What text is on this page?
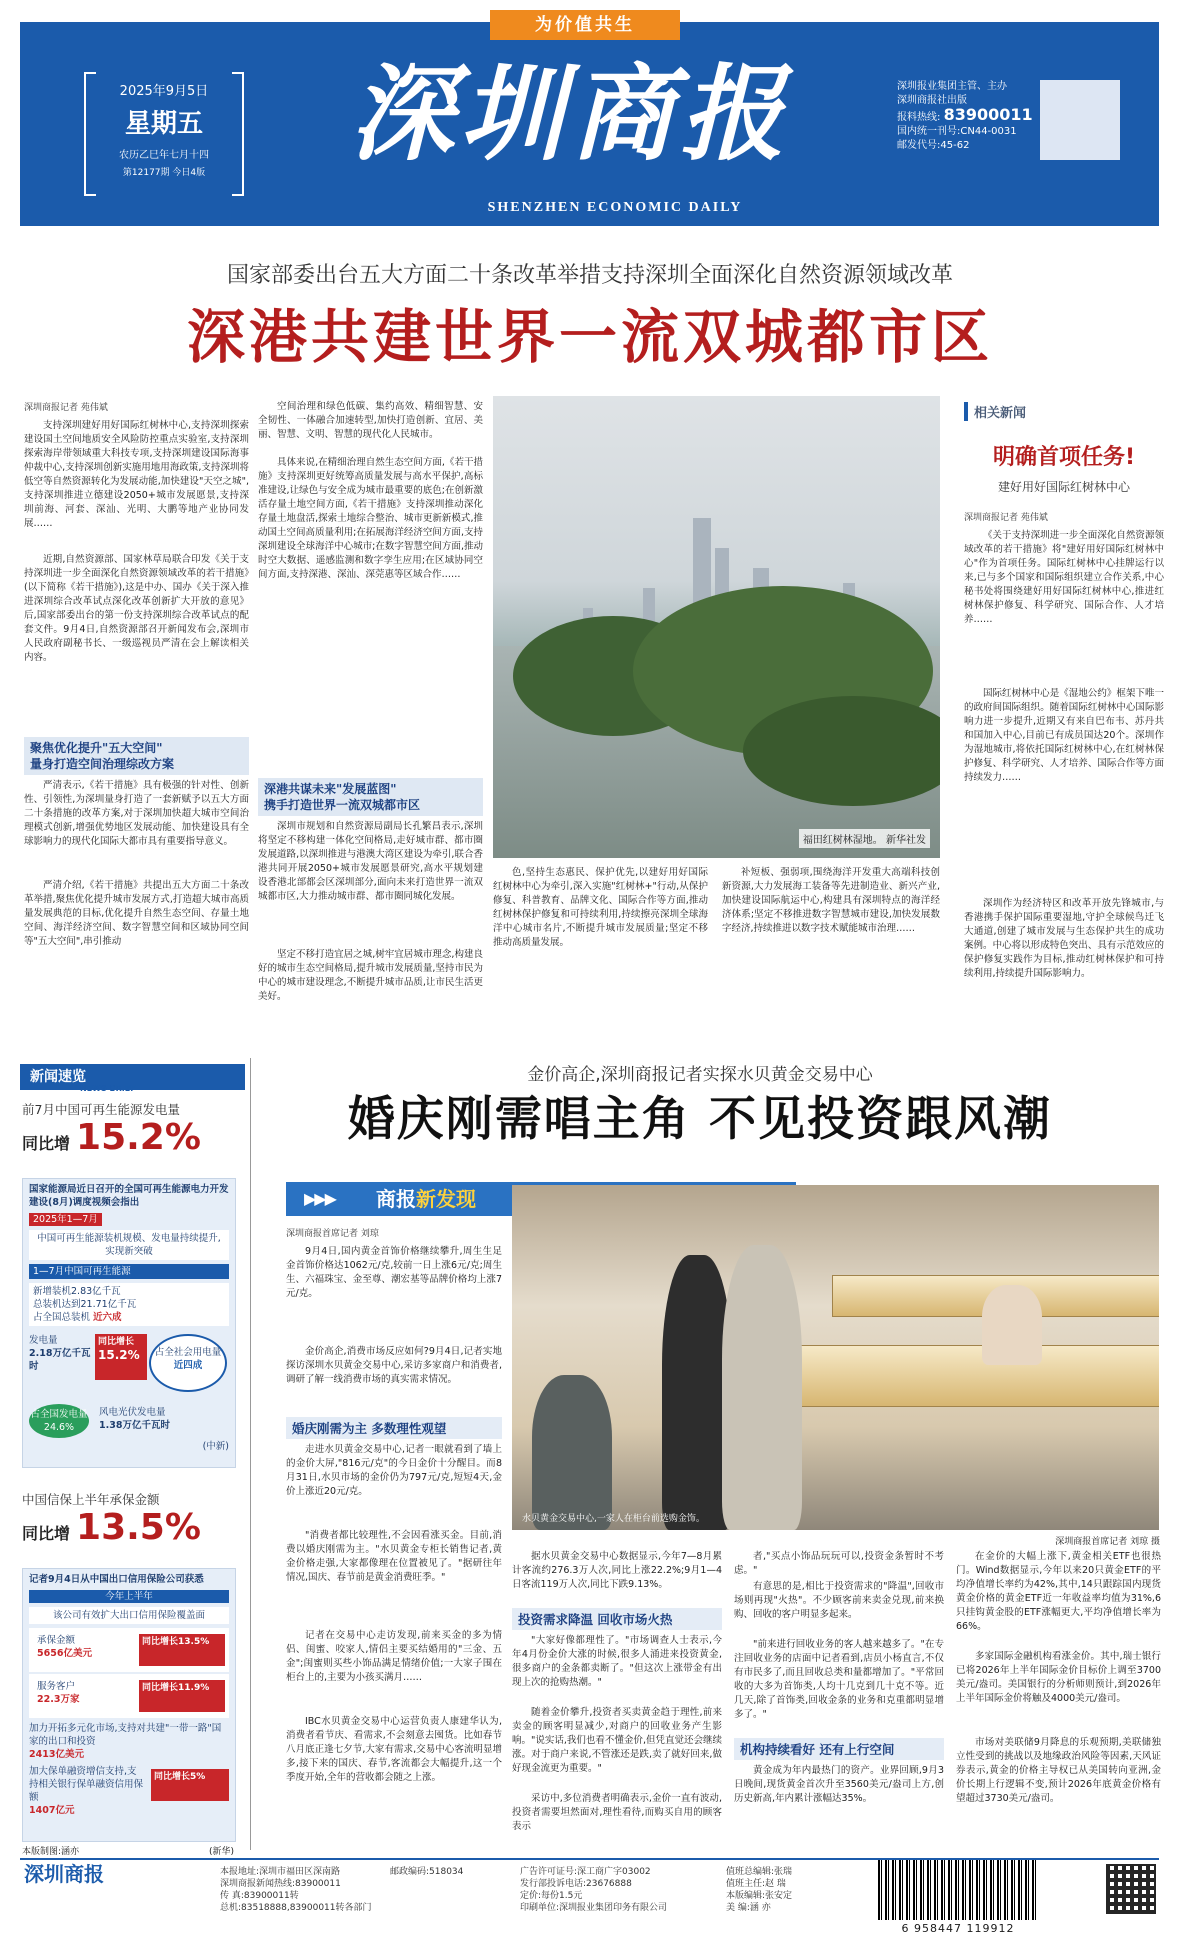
为价值共生
2025年9月5日
星期五
农历乙巳年七月十四
第12177期 今日4版	深圳商报
SHENZHEN ECONOMIC DAILY
深圳报业集团主管、主办
深圳商报社出版
报料热线: 83900011
国内统一刊号:CN44-0031
邮发代号:45-62
国家部委出台五大方面二十条改革举措支持深圳全面深化自然资源领域改革
深港共建世界一流双城都市区
深圳商报记者 苑伟斌

支持深圳建好用好国际红树林中心,支持深圳探索建设国土空间地质安全风险防控重点实验室,支持深圳探索海岸带领域重大科技专项,支持深圳建设国际海事仲裁中心,支持深圳创新实施用地用海政策,支持深圳将低空等自然资源转化为发展动能,加快建设"天空之城",支持深圳推进立德建设2050+城市发展愿景,支持深圳前海、河套、深汕、光明、大鹏等地产业协同发展……

近期,自然资源部、国家林草局联合印发《关于支持深圳进一步全面深化自然资源领域改革的若干措施》(以下简称《若干措施》),这是中办、国办《关于深入推进深圳综合改革试点深化改革创新扩大开放的意见》后,国家部委出台的第一份支持深圳综合改革试点的配套文件。9月4日,自然资源部召开新闻发布会,深圳市人民政府副秘书长、一级巡视员严清在会上解读相关内容。

聚焦优化提升"五大空间"
量身打造空间治理综改方案

严清表示,《若干措施》具有极强的针对性、创新性、引领性,为深圳量身打造了一套新赋予以五大方面二十条措施的改革方案,对于深圳加快超大城市空间治理模式创新,增强优势地区发展动能、加快建设具有全球影响力的现代化国际大都市具有重要指导意义。

严清介绍,《若干措施》共提出五大方面二十条改革举措,聚焦优化提升城市发展方式,打造超大城市高质量发展典范的目标,优化提升自然生态空间、存量土地空间、海洋经济空间、数字智慧空间和区域协同空间等"五大空间",串引推动

空间治理和绿色低碳、集约高效、精细智慧、安全韧性、一体融合加速转型,加快打造创新、宜居、美丽、智慧、文明、智慧的现代化人民城市。

具体来说,在精细治理自然生态空间方面,《若干措施》支持深圳更好统筹高质量发展与高水平保护,高标准建设,让绿色与安全成为城市最重要的底色;在创新激活存量土地空间方面,《若干措施》支持深圳推动深化存量土地盘活,探索土地综合整治、城市更新新模式,推动国土空间高质量利用;在拓展海洋经济空间方面,支持深圳建设全球海洋中心城市;在数字智慧空间方面,推动时空大数据、遥感监测和数字孪生应用;在区域协同空间方面,支持深港、深汕、深莞惠等区域合作……

深港共谋未来"发展蓝图"
携手打造世界一流双城都市区

深圳市规划和自然资源局副局长孔繁昌表示,深圳将坚定不移构建一体化空间格局,走好城市群、都市圈发展道路,以深圳推进与港澳大湾区建设为牵引,联合香港共同开展2050+城市发展愿景研究,高水平规划建设香港北部都会区深圳部分,面向未来打造世界一流双城都市区,大力推动城市群、都市圈同城化发展。

坚定不移打造宜居之城,树牢宜居城市理念,构建良好的城市生态空间格局,提升城市发展质量,坚持市民为中心的城市建设理念,不断提升城市品质,让市民生活更美好。

福田红树林湿地。 新华社发

色,坚持生态惠民、保护优先,以建好用好国际红树林中心为牵引,深入实施"红树林+"行动,从保护修复、科普教育、品牌文化、国际合作等方面,推动红树林保护修复和可持续利用,持续擦亮深圳全球海洋中心城市名片,不断提升城市发展质量;坚定不移推动高质量发展。

补短板、强弱项,围绕海洋开发重大高端科技创新资源,大力发展海工装备等先进制造业、新兴产业,加快建设国际航运中心,构建具有深圳特点的海洋经济体系;坚定不移推进数字智慧城市建设,加快发展数字经济,持续推进以数字技术赋能城市治理……

相关新闻
明确首项任务!
建好用好国际红树林中心
深圳商报记者 苑伟斌

《关于支持深圳进一步全面深化自然资源领域改革的若干措施》将"建好用好国际红树林中心"作为首项任务。国际红树林中心挂牌运行以来,已与多个国家和国际组织建立合作关系,中心秘书处将围绕建好用好国际红树林中心,推进红树林保护修复、科学研究、国际合作、人才培养……

国际红树林中心是《湿地公约》框架下唯一的政府间国际组织。随着国际红树林中心国际影响力进一步提升,近期又有来自巴布韦、苏丹共和国加入中心,目前已有成员国达20个。深圳作为湿地城市,将依托国际红树林中心,在红树林保护修复、科学研究、人才培养、国际合作等方面持续发力……

深圳作为经济特区和改革开放先锋城市,与香港携手保护国际重要湿地,守护全球候鸟迁飞大通道,创建了城市发展与生态保护共生的成功案例。中心将以形成特色突出、具有示范效应的保护修复实践作为目标,推动红树林保护和可持续利用,持续提升国际影响力。

新闻速览
NEWS BRIEF
前7月中国可再生能源发电量
同比增 15.2%
国家能源局近日召开的全国可再生能源电力开发建设(8月)调度视频会指出
2025年1—7月
中国可再生能源装机规模、发电量持续提升,实现新突破
1—7月中国可再生能源
新增装机2.83亿千瓦
总装机达到21.71亿千瓦
占全国总装机 近六成
发电量
2.18万亿千瓦时
同比增长
15.2%	占全社会用电量
近四成
占全国发电量
24.6%
风电光伏发电量
1.38万亿千瓦时
(中新)
中国信保上半年承保金额
同比增 13.5%
记者9月4日从中国出口信用保险公司获悉
今年上半年
该公司有效扩大出口信用保险覆盖面
承保金额
5656亿美元
同比增长13.5%
服务客户
22.3万家
同比增长11.9%
加力开拓多元化市场,支持对共建"一带一路"国家的出口和投资
2413亿美元
加大保单融资增信支持,支持相关银行保单融资信用保额
1407亿元
同比增长5%
本版制图:涵亦	(新华)
金价高企,深圳商报记者实探水贝黄金交易中心
婚庆刚需唱主角 不见投资跟风潮
▶▶▶ 商报新发现
水贝黄金交易中心,一家人在柜台前选购金饰。
深圳商报首席记者 刘琼 摄
深圳商报首席记者 刘琼

9月4日,国内黄金首饰价格继续攀升,周生生足金首饰价格达1062元/克,较前一日上涨6元/克;周生生、六福珠宝、金至尊、潮宏基等品牌价格均上涨7元/克。

金价高企,消费市场反应如何?9月4日,记者实地探访深圳水贝黄金交易中心,采访多家商户和消费者,调研了解一线消费市场的真实需求情况。

婚庆刚需为主 多数理性观望

走进水贝黄金交易中心,记者一眼就看到了墙上的金价大屏,"816元/克"的今日金价十分醒目。而8月31日,水贝市场的金价仍为797元/克,短短4天,金价上涨近20元/克。

"消费者都比较理性,不会因看涨买金。目前,消费以婚庆刚需为主。"水贝黄金专柜长销售记者,黄金价格走强,大家都像理在位置被见了。"据研往年情况,国庆、春节前是黄金消费旺季。"

记者在交易中心走访发现,前来买金的多为情侣、闺蜜、咬家人,情侣主要买结婚用的"三金、五金";闺蜜则买些小饰品满足情绪价值;一大家子围在柜台上的,主要为小孩买满月……

IBC水贝黄金交易中心运营负责人康建华认为,消费者看节庆、看需求,不会刻意去囤货。比如春节八月底正逢七夕节,大家有需求,交易中心客流明显增多,接下来的国庆、春节,客流都会大幅提升,这一个季度开始,全年的营收都会随之上涨。

据水贝黄金交易中心数据显示,今年7—8月累计客流约276.3万人次,同比上涨22.2%;9月1—4日客流119万人次,同比下跌9.13%。

投资需求降温 回收市场火热

"大家好像都理性了。"市场调查人士表示,今年4月份金价大涨的时候,很多人涌进来投资黄金,很多商户的金条都卖断了。"但这次上涨带金有出现上次的抢购热潮。"

随着金价攀升,投资者买卖黄金趋于理性,前来卖金的顾客明显减少,对商户的回收业务产生影响。"说实话,我们也看不懂金价,但凭直觉还会继续涨。对于商户来说,不管涨还是跌,卖了就好回来,做好现金流更为重要。"

采访中,多位消费者明确表示,金价一直有波动,投资者需要坦然面对,理性看待,而购买自用的顾客表示

者,"买点小饰品玩玩可以,投资金条暂时不考虑。"

有意思的是,相比于投资需求的"降温",回收市场则再现"火热"。不少顾客前来卖金兑现,前来换购、回收的客户明显多起来。

"前来进行回收业务的客人越来越多了。"在专注回收业务的店面中记者看到,店员小杨直言,不仅有市民多了,而且回收总类和量都增加了。"平常回收的大多为首饰类,人均十几克到几十克不等。近几天,除了首饰类,回收金条的业务和克重都明显增多了。"

机构持续看好 还有上行空间

黄金成为年内最热门的资产。业界回顾,9月3日晚间,现货黄金首次升至3560美元/盎司上方,创历史新高,年内累计涨幅达35%。

在金价的大幅上涨下,黄金相关ETF也很热门。Wind数据显示,今年以来20只黄金ETF的平均净值增长率约为42%,其中,14只跟踪国内现货黄金价格的黄金ETF近一年收益率均值为31%,6只挂钩黄金股的ETF涨幅更大,平均净值增长率为66%。

多家国际金融机构看涨金价。其中,瑞士银行已将2026年上半年国际金价目标价上调至3700美元/盎司。美国银行的分析师则预计,到2026年上半年国际金价将触及4000美元/盎司。

市场对美联储9月降息的乐观预期,美联储独立性受到的挑战以及地缘政治风险等因素,天风证券表示,黄金的价格主导权已从美国转向亚洲,金价长期上行逻辑不变,预计2026年底黄金价格有望超过3730美元/盎司。

深圳商报	本报地址:深圳市福田区深南路
深圳商报新闻热线:83900011
传 真:83900011转
总机:83518888,83900011转各部门
邮政编码:518034	广告许可证号:深工商广字03002
发行部投诉电话:23676888
定价:每份1.5元
印刷单位:深圳报业集团印务有限公司
值班总编辑:张瑞
值班主任:赵 瑞
本版编辑:张安定
美 编:涵 亦
6 958447 119912
